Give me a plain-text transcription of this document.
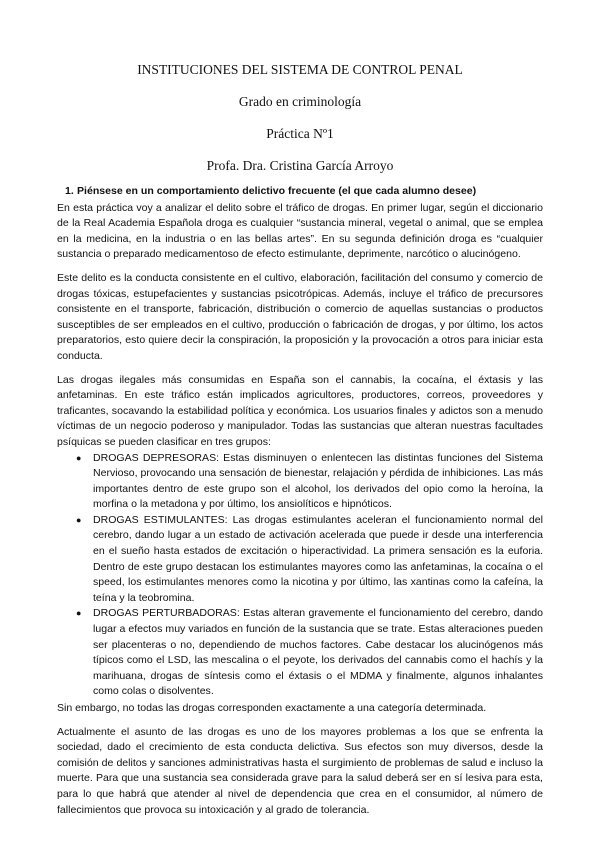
INSTITUCIONES DEL SISTEMA DE CONTROL PENAL
Grado en criminología
Práctica Nº1
Profa. Dra. Cristina García Arroyo
1. Piénsese en un comportamiento delictivo frecuente (el que cada alumno desee)

En esta práctica voy a analizar el delito sobre el tráfico de drogas. En primer lugar, según el diccionario de la Real Academia Española droga es cualquier “sustancia mineral, vegetal o animal, que se emplea en la medicina, en la industria o en las bellas artes”. En su segunda definición droga es “cualquier sustancia o preparado medicamentoso de efecto estimulante, deprimente, narcótico o alucinógeno.

Este delito es la conducta consistente en el cultivo, elaboración, facilitación del consumo y comercio de drogas tóxicas, estupefacientes y sustancias psicotrópicas. Además, incluye el tráfico de precursores consistente en el transporte, fabricación, distribución o comercio de aquellas sustancias o productos susceptibles de ser empleados en el cultivo, producción o fabricación de drogas, y por último, los actos preparatorios, esto quiere decir la conspiración, la proposición y la provocación a otros para iniciar esta conducta.

Las drogas ilegales más consumidas en España son el cannabis, la cocaína, el éxtasis y las anfetaminas. En este tráfico están implicados agricultores, productores, correos, proveedores y traficantes, socavando la estabilidad política y económica. Los usuarios finales y adictos son a menudo víctimas de un negocio poderoso y manipulador. Todas las sustancias que alteran nuestras facultades psíquicas se pueden clasificar en tres grupos:

● DROGAS DEPRESORAS: Estas disminuyen o enlentecen las distintas funciones del Sistema Nervioso, provocando una sensación de bienestar, relajación y pérdida de inhibiciones. Las más importantes dentro de este grupo son el alcohol, los derivados del opio como la heroína, la morfina o la metadona y por último, los ansiolíticos e hipnóticos.
● DROGAS ESTIMULANTES: Las drogas estimulantes aceleran el funcionamiento normal del cerebro, dando lugar a un estado de activación acelerada que puede ir desde una interferencia en el sueño hasta estados de excitación o hiperactividad. La primera sensación es la euforia. Dentro de este grupo destacan los estimulantes mayores como las anfetaminas, la cocaína o el speed, los estimulantes menores como la nicotina y por último, las xantinas como la cafeína, la teína y la teobromina.
● DROGAS PERTURBADORAS: Estas alteran gravemente el funcionamiento del cerebro, dando lugar a efectos muy variados en función de la sustancia que se trate. Estas alteraciones pueden ser placenteras o no, dependiendo de muchos factores. Cabe destacar los alucinógenos más típicos como el LSD, las mescalina o el peyote, los derivados del cannabis como el hachís y la marihuana, drogas de síntesis como el éxtasis o el MDMA y finalmente, algunos inhalantes como colas o disolventes.

Sin embargo, no todas las drogas corresponden exactamente a una categoría determinada.

Actualmente el asunto de las drogas es uno de los mayores problemas a los que se enfrenta la sociedad, dado el crecimiento de esta conducta delictiva. Sus efectos son muy diversos, desde la comisión de delitos y sanciones administrativas hasta el surgimiento de problemas de salud e incluso la muerte. Para que una sustancia sea considerada grave para la salud deberá ser en sí lesiva para esta, para lo que habrá que atender al nivel de dependencia que crea en el consumidor, al número de fallecimientos que provoca su intoxicación y al grado de tolerancia.
